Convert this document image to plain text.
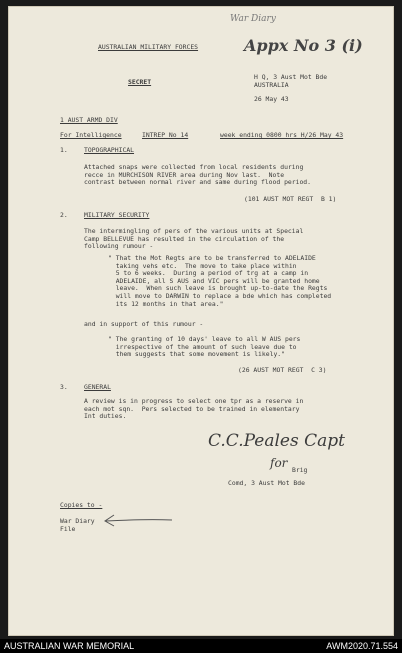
War Diary
Appx No 3 (i)
AUSTRALIAN MILITARY FORCES
SECRET
H Q, 3 Aust Mot Bde
AUSTRALIA
26 May 43
1 AUST ARMD DIV
For Intelligence	INTREP No 14	week ending 0800 hrs H/26 May 43
1.	TOPOGRAPHICAL
Attached snaps were collected from local residents during
recce in MURCHISON RIVER area during Nov last.  Note
contrast between normal river and same during flood period.
(101 AUST MOT REGT  B 1)
2.	MILITARY SECURITY
The intermingling of pers of the various units at Special
Camp BELLEVUE has resulted in the circulation of the
following rumour -
" That the Mot Regts are to be transferred to ADELAIDE
taking vehs etc.  The move to take place within
5 to 6 weeks.  During a period of trg at a camp in
ADELAIDE, all S AUS and VIC pers will be granted home
leave.  When such leave is brought up-to-date the Regts
will move to DARWIN to replace a bde which has completed
its 12 months in that area."
and in support of this rumour -
" The granting of 10 days' leave to all W AUS pers
irrespective of the amount of such leave due to
them suggests that some movement is likely."
(26 AUST MOT REGT  C 3)
3.	GENERAL
A review is in progress to select one tpr as a reserve in
each mot sqn.  Pers selected to be trained in elementary
Int duties.
C.C.Peales Capt
for Brig
Comd, 3 Aust Mot Bde
Copies to -
War Diary
File
AUSTRALIAN WAR MEMORIAL	AWM2020.71.554
